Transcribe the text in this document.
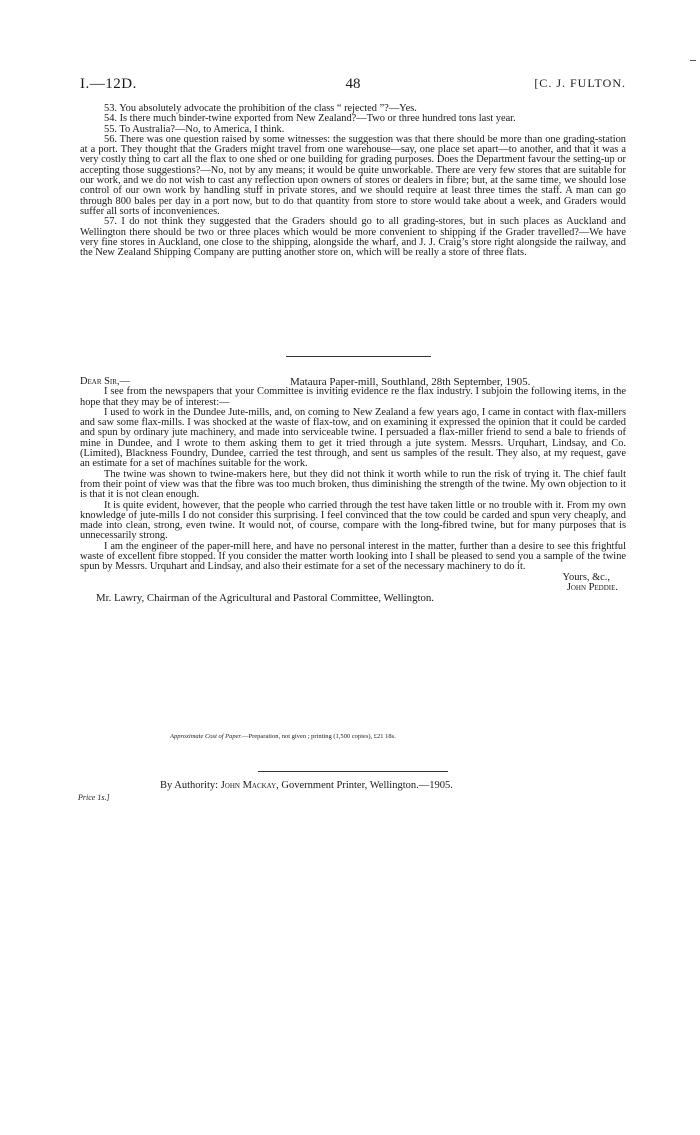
I.—12D.	48	[C. J. FULTON.

53. You absolutely advocate the prohibition of the class “ rejected ”?—Yes.

54. Is there much binder-twine exported from New Zealand?—Two or three hundred tons last year.

55. To Australia?—No, to America, I think.

56. There was one question raised by some witnesses: the suggestion was that there should be more than one grading-station at a port. They thought that the Graders might travel from one warehouse—say, one place set apart—to another, and that it was a very costly thing to cart all the flax to one shed or one building for grading purposes. Does the Department favour the setting-up or accepting those suggestions?—No, not by any means; it would be quite unworkable. There are very few stores that are suitable for our work, and we do not wish to cast any reflection upon owners of stores or dealers in fibre; but, at the same time, we should lose control of our own work by handling stuff in private stores, and we should require at least three times the staff. A man can go through 800 bales per day in a port now, but to do that quantity from store to store would take about a week, and Graders would suffer all sorts of inconveniences.

57. I do not think they suggested that the Graders should go to all grading-stores, but in such places as Auckland and Wellington there should be two or three places which would be more convenient to shipping if the Grader travelled?—We have very fine stores in Auckland, one close to the shipping, alongside the wharf, and J. J. Craig’s store right alongside the railway, and the New Zealand Shipping Company are putting another store on, which will be really a store of three flats.

Dear Sir,—	Mataura Paper-mill, Southland, 28th September, 1905.

I see from the newspapers that your Committee is inviting evidence re the flax industry. I subjoin the following items, in the hope that they may be of interest:—

I used to work in the Dundee Jute-mills, and, on coming to New Zealand a few years ago, I came in contact with flax-millers and saw some flax-mills. I was shocked at the waste of flax-tow, and on examining it expressed the opinion that it could be carded and spun by ordinary jute machinery, and made into serviceable twine. I persuaded a flax-miller friend to send a bale to friends of mine in Dundee, and I wrote to them asking them to get it tried through a jute system. Messrs. Urquhart, Lindsay, and Co. (Limited), Blackness Foundry, Dundee, carried the test through, and sent us samples of the result. They also, at my request, gave an estimate for a set of machines suitable for the work.

The twine was shown to twine-makers here, but they did not think it worth while to run the risk of trying it. The chief fault from their point of view was that the fibre was too much broken, thus diminishing the strength of the twine. My own objection to it is that it is not clean enough.

It is quite evident, however, that the people who carried through the test have taken little or no trouble with it. From my own knowledge of jute-mills I do not consider this surprising. I feel convinced that the tow could be carded and spun very cheaply, and made into clean, strong, even twine. It would not, of course, compare with the long-fibred twine, but for many purposes that is unnecessarily strong.

I am the engineer of the paper-mill here, and have no personal interest in the matter, further than a desire to see this frightful waste of excellent fibre stopped. If you consider the matter worth looking into I shall be pleased to send you a sample of the twine spun by Messrs. Urquhart and Lindsay, and also their estimate for a set of the necessary machinery to do it.

Yours, &c.,

John Peddie.

Mr. Lawry, Chairman of the Agricultural and Pastoral Committee, Wellington.

Approximate Cost of Paper.—Preparation, not given ; printing (1,500 copies), £21 18s.
By Authority: John Mackay, Government Printer, Wellington.—1905.
Price 1s.]
